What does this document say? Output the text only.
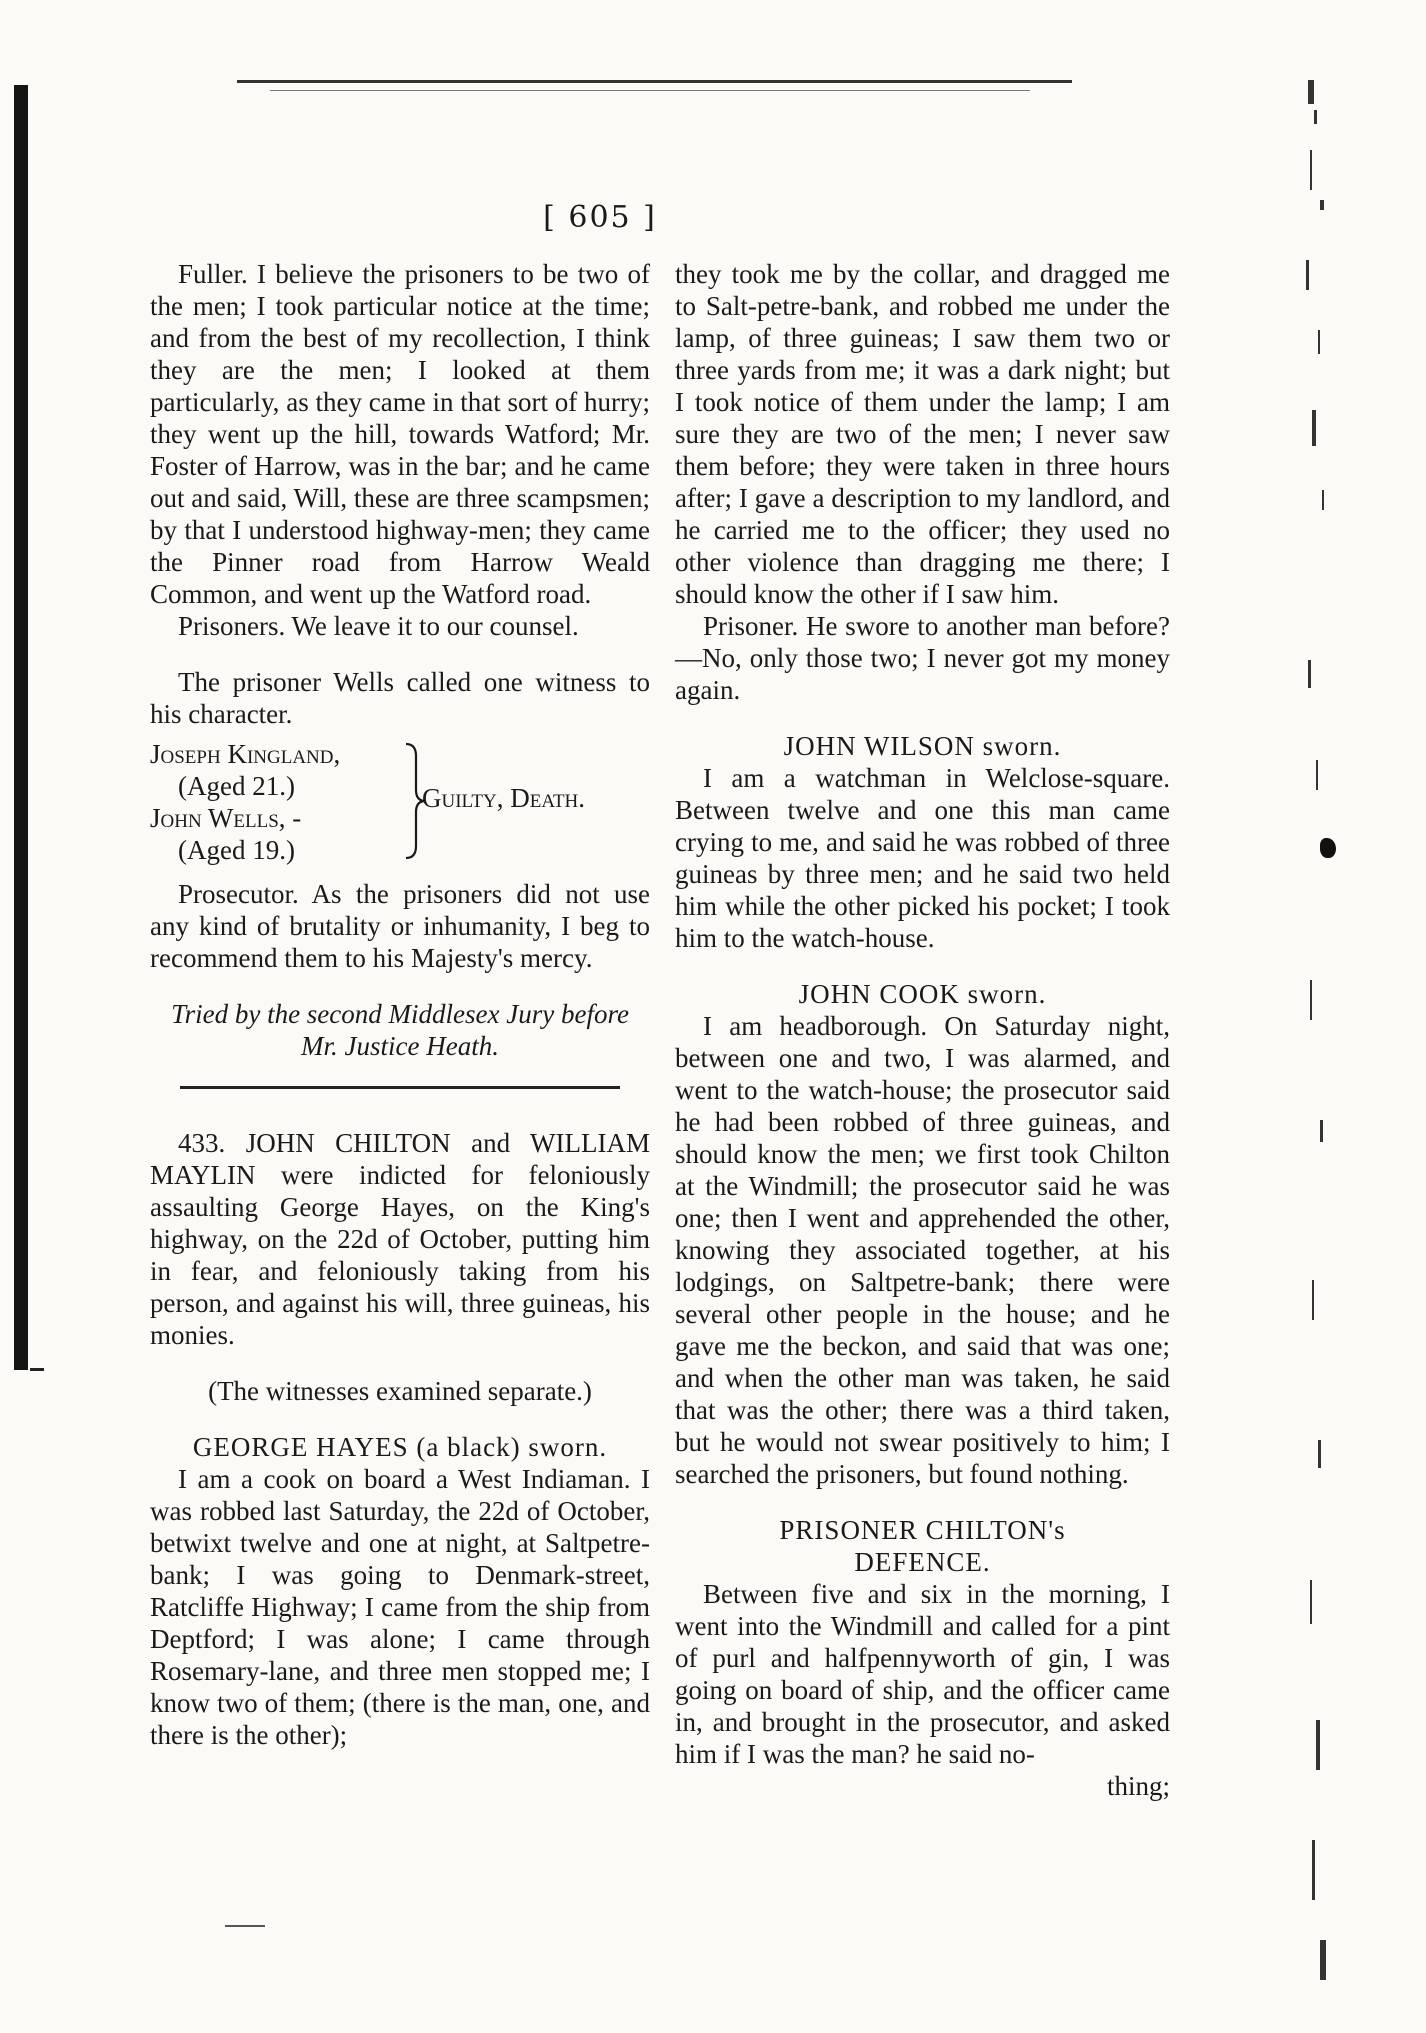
[ 605 ]

Fuller. I believe the prisoners to be two of the men; I took particular notice at the time; and from the best of my recollection, I think they are the men; I looked at them particularly, as they came in that sort of hurry; they went up the hill, towards Watford; Mr. Foster of Harrow, was in the bar; and he came out and said, Will, these are three scampsmen; by that I understood highway-men; they came the Pinner road from Harrow Weald Common, and went up the Watford road.

Prisoners. We leave it to our counsel.

The prisoner Wells called one witness to his character.

Joseph Kingland,
(Aged 21.)
John Wells, -
(Aged 19.)
Guilty, Death.

Prosecutor. As the prisoners did not use any kind of brutality or inhumanity, I beg to recommend them to his Majesty's mercy.

Tried by the second Middlesex Jury before
Mr. Justice Heath.

433. JOHN CHILTON and WILLIAM MAYLIN were indicted for feloniously assaulting George Hayes, on the King's highway, on the 22d of October, putting him in fear, and feloniously taking from his person, and against his will, three guineas, his monies.

(The witnesses examined separate.)
GEORGE HAYES (a black) sworn.

I am a cook on board a West Indiaman. I was robbed last Saturday, the 22d of October, betwixt twelve and one at night, at Saltpetre-bank; I was going to Denmark-street, Ratcliffe Highway; I came from the ship from Deptford; I was alone; I came through Rosemary-lane, and three men stopped me; I know two of them; (there is the man, one, and there is the other);

they took me by the collar, and dragged me to Salt-petre-bank, and robbed me under the lamp, of three guineas; I saw them two or three yards from me; it was a dark night; but I took notice of them under the lamp; I am sure they are two of the men; I never saw them before; they were taken in three hours after; I gave a description to my landlord, and he carried me to the officer; they used no other violence than dragging me there; I should know the other if I saw him.

Prisoner. He swore to another man before?—No, only those two; I never got my money again.

JOHN WILSON sworn.

I am a watchman in Welclose-square. Between twelve and one this man came crying to me, and said he was robbed of three guineas by three men; and he said two held him while the other picked his pocket; I took him to the watch-house.

JOHN COOK sworn.

I am headborough. On Saturday night, between one and two, I was alarmed, and went to the watch-house; the prosecutor said he had been robbed of three guineas, and should know the men; we first took Chilton at the Windmill; the prosecutor said he was one; then I went and apprehended the other, knowing they associated together, at his lodgings, on Saltpetre-bank; there were several other people in the house; and he gave me the beckon, and said that was one; and when the other man was taken, he said that was the other; there was a third taken, but he would not swear positively to him; I searched the prisoners, but found nothing.

PRISONER CHILTON's
DEFENCE.

Between five and six in the morning, I went into the Windmill and called for a pint of purl and halfpennyworth of gin, I was going on board of ship, and the officer came in, and brought in the prosecutor, and asked him if I was the man? he said no-

thing;
